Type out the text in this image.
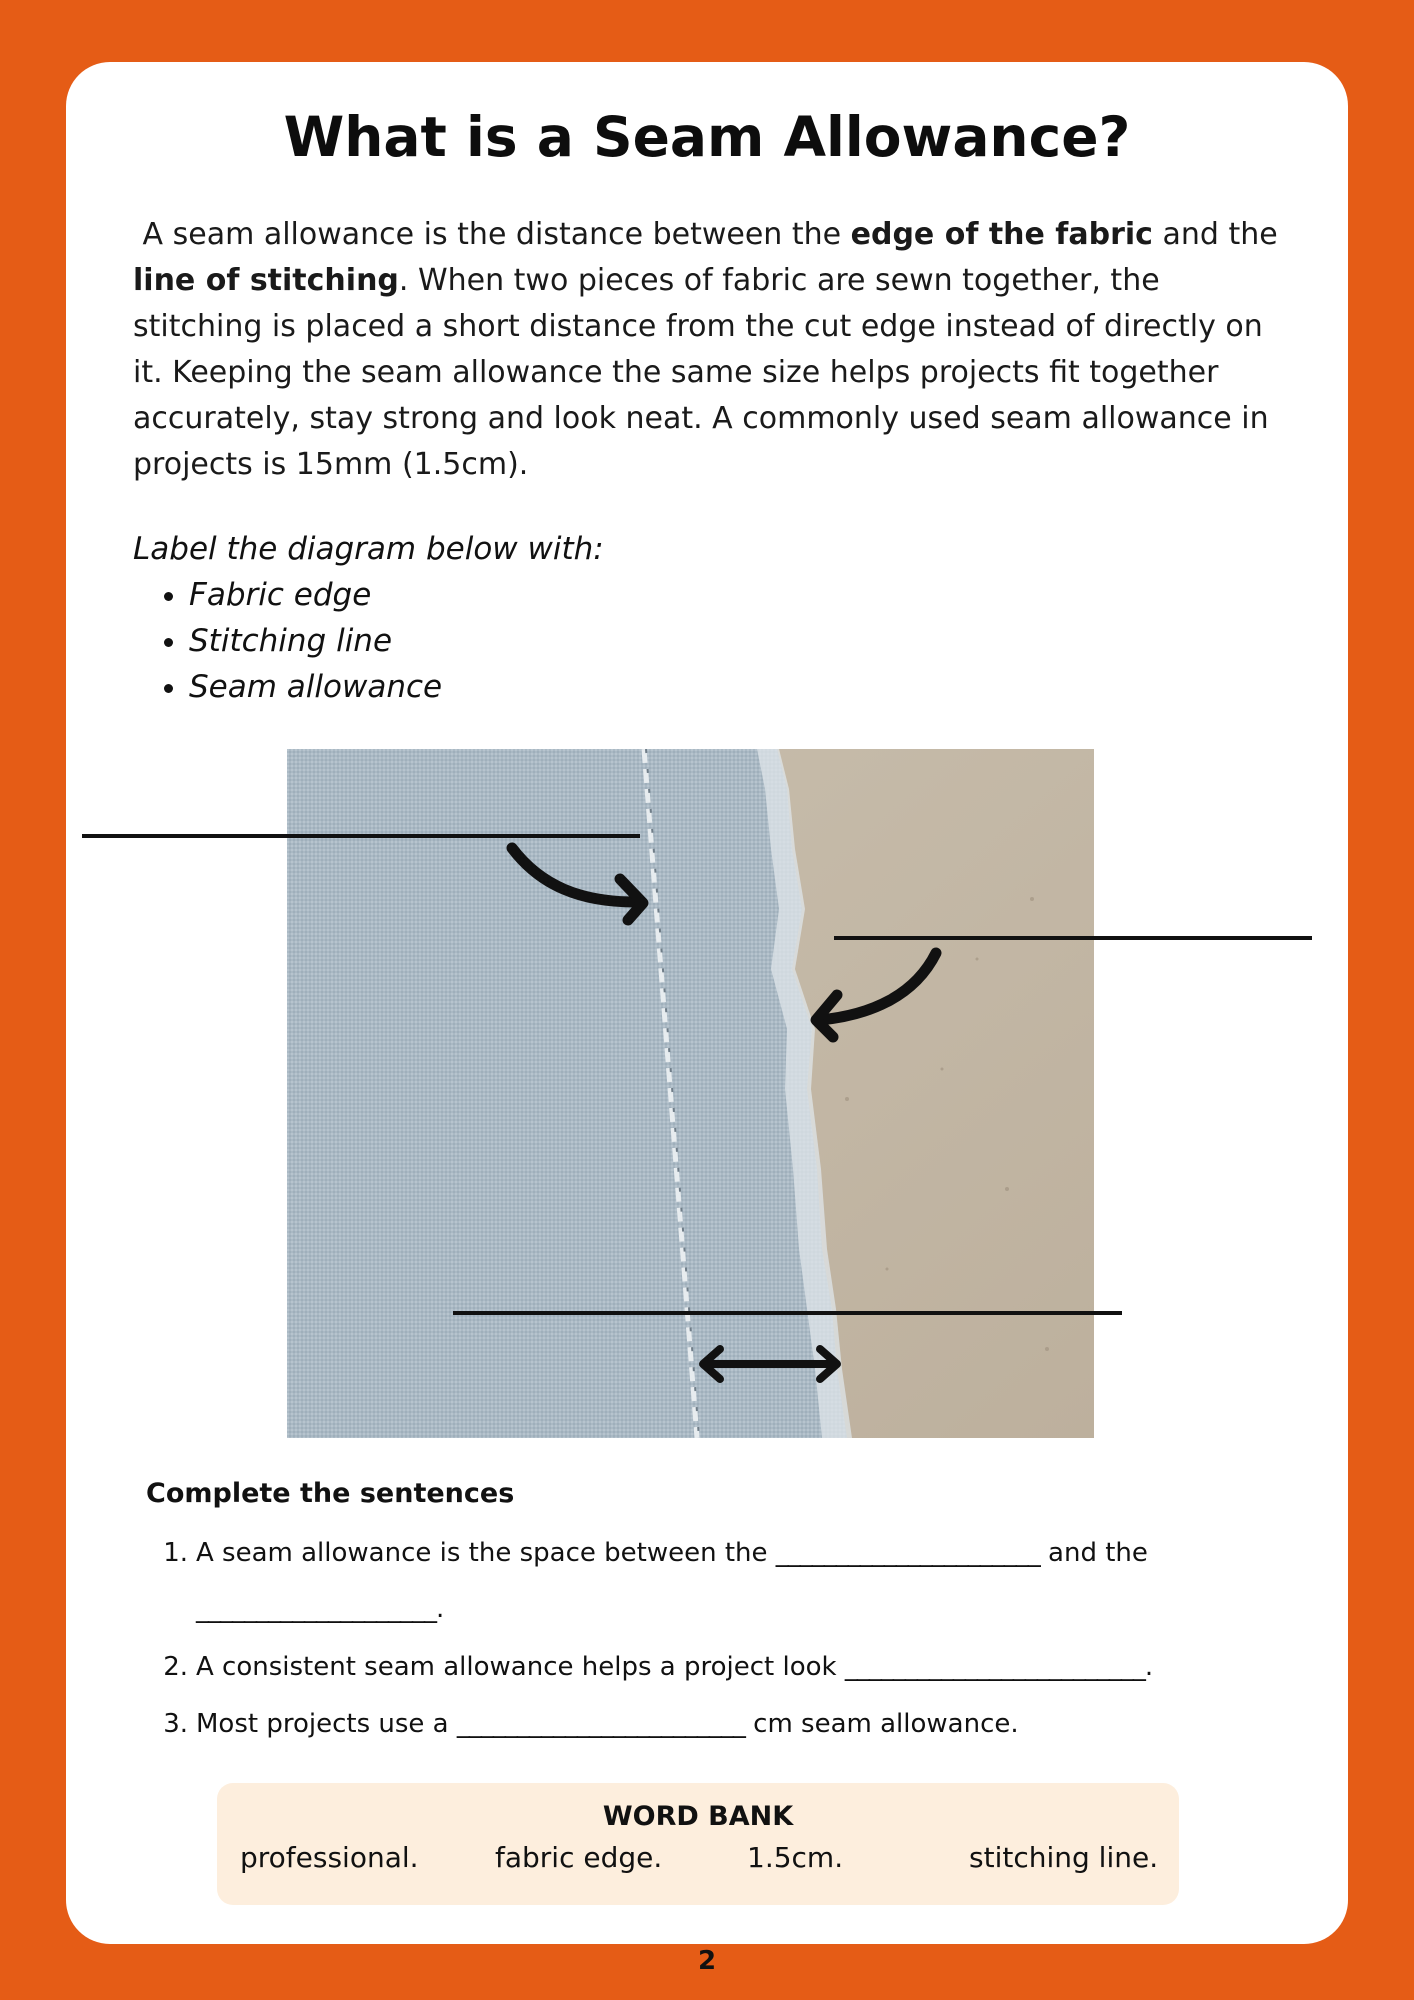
What is a Seam Allowance?

A seam allowance is the distance between the edge of the fabric and the line of stitching. When two pieces of fabric are sewn together, the stitching is placed a short distance from the cut edge instead of directly on it. Keeping the seam allowance the same size helps projects fit together accurately, stay strong and look neat. A commonly used seam allowance in projects is 15mm (1.5cm).

Label the diagram below with:
• Fabric edge
• Stitching line
• Seam allowance

Complete the sentences

1. A seam allowance is the space between the ______________________ and the

____________________.

2. A consistent seam allowance helps a project look _________________________.

3. Most projects use a ________________________ cm seam allowance.

WORD BANK

professional.	fabric edge.	1.5cm.	stitching line.

2
